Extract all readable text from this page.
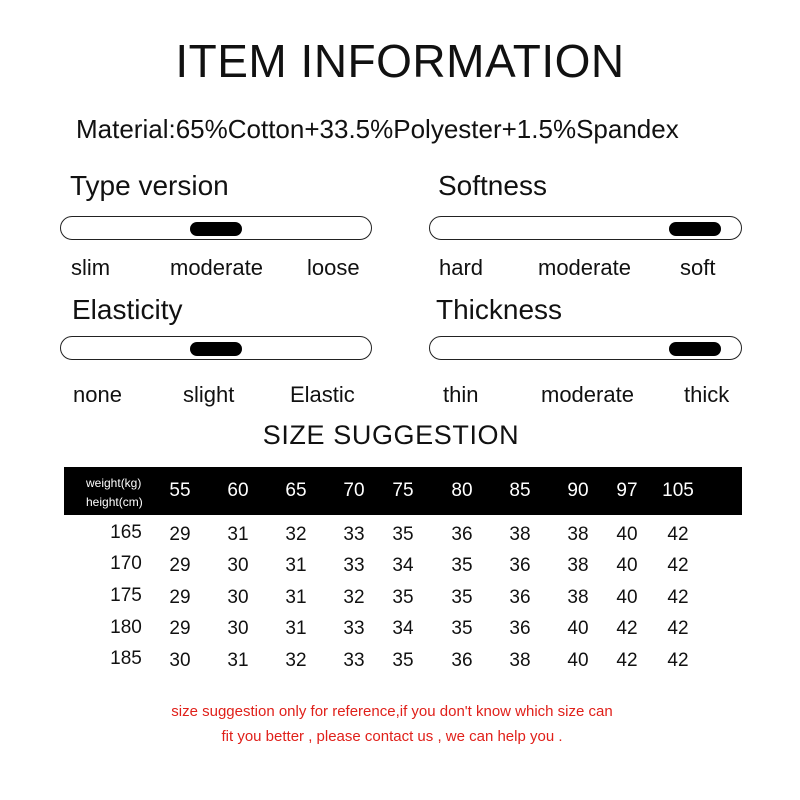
ITEM INFORMATION
Material:65%Cotton+33.5%Polyester+1.5%Spandex
Type version
slim	moderate loose
Softness
hard moderate soft
Elasticity
none	slight	Elastic
Thickness
thin	moderate thick
SIZE SUGGESTION
weight(kg)
height(cm)
55	60	65	70	75	80	85	90	97	105
165	29	31	32	33	35	36	38	38	40	42
170	29	30	31	33	34	35	36	38	40	42
175	29	30	31	32	35	35	36	38	40	42
180	29	30	31	33	34	35	36	40	42	42
185	30	31	32	33	35	36	38	40	42	42
size suggestion only for reference,if you don't know which size can
fit you better , please contact us , we can help you .
